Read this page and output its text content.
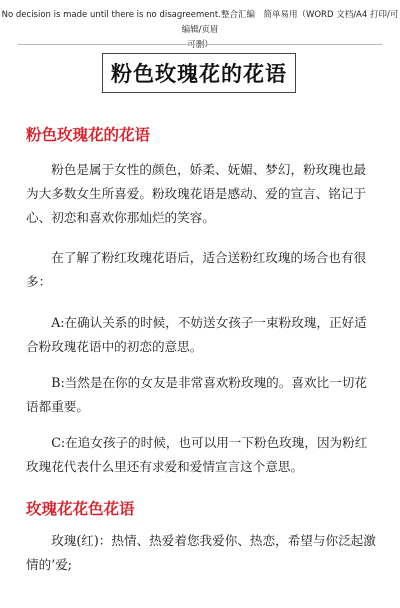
No decision is made until there is no disagreement.整合汇编　简单易用（WORD 文档/A4 打印/可编辑/页眉
可删）
粉色玫瑰花的花语
粉色玫瑰花的花语
粉色是属于女性的颜色，娇柔、妩媚、梦幻，粉玫瑰也最为大多数女生所喜爱。粉玫瑰花语是感动、爱的宣言、铭记于心、初恋和喜欢你那灿烂的笑容。
在了解了粉红玫瑰花语后，适合送粉红玫瑰的场合也有很多：
A:在确认关系的时候，不妨送女孩子一束粉玫瑰，正好适合粉玫瑰花语中的初恋的意思。
B:当然是在你的女友是非常喜欢粉玫瑰的。喜欢比一切花语都重要。
C:在追女孩子的时候，也可以用一下粉色玫瑰，因为粉红玫瑰花代表什么里还有求爱和爱情宣言这个意思。
玫瑰花花色花语
玫瑰(红)：热情、热爱着您我爱你、热恋，希望与你泛起激情的’爱;
